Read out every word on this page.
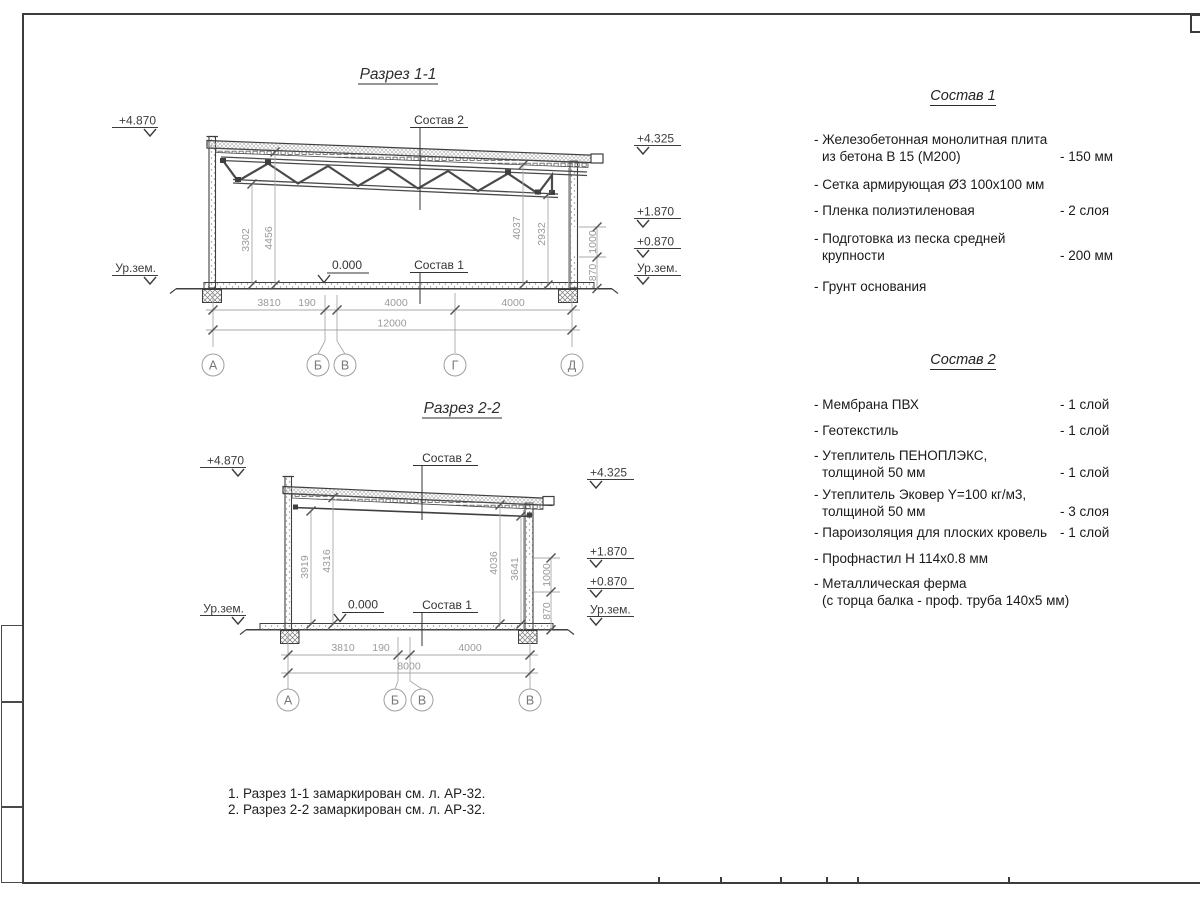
Состав 2
Состав 1
0.000
3302 4456	4037 2932	1000
870
+4.870
Ур.зем.
+4.325
+1.870
+0.870
Ур.зем.
3810 190	4000	4000
12000
А	Б В	Г	Д
Разрез 1-1
Состав 2
Состав 1
0.000
3919 4316	4036 3641 1000
870
+4.870
Ур.зем.
+4.325
+1.870
+0.870
Ур.зем.
3810 190	4000
8000
А	Б В	В
Разрез 2-2
Состав 1
- Железобетонная монолитная плита
из бетона В 15 (М200)	- 150 мм
- Сетка армирующая Ø3 100х100 мм
- Пленка полиэтиленовая	- 2 слоя
- Подготовка из песка средней
крупности	- 200 мм
- Грунт основания
Состав 2
- Мембрана ПВХ	- 1 слой
- Геотекстиль	- 1 слой
- Утеплитель ПЕНОПЛЭКС,
толщиной 50 мм	- 1 слой
- Утеплитель Эковер Y=100 кг/м3,
толщиной 50 мм	- 3 слоя
- Пароизоляция для плоских кровель - 1 слой
- Профнастил Н 114х0.8 мм
- Металлическая ферма
(с торца балка - проф. труба 140х5 мм)
1. Разрез 1-1 замаркирован см. л. АР-32.
2. Разрез 2-2 замаркирован см. л. АР-32.
